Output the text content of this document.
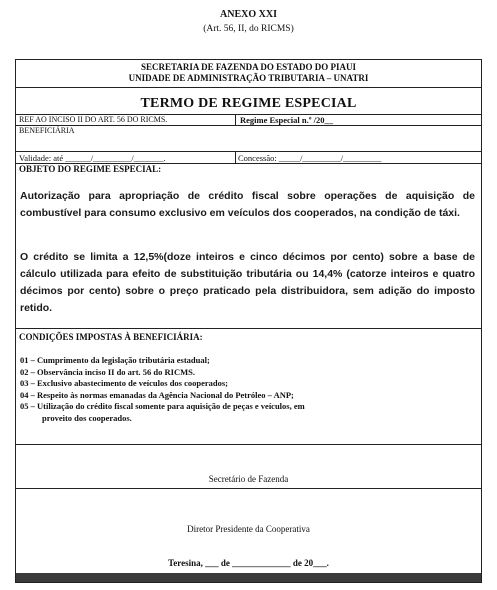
ANEXO XXI
(Art. 56, II, do RICMS)
SECRETARIA DE FAZENDA DO ESTADO DO PIAUI
UNIDADE DE ADMINISTRAÇÃO TRIBUTARIA – UNATRI
TERMO DE REGIME ESPECIAL
REF AO INCISO II DO ART. 56 DO RICMS.	Regime Especial n.º /20__
BENEFICIÁRIA
Validade: até ______/_________/_______.	Concessão: _____/_________/_________
OBJETO DO REGIME ESPECIAL:
Autorização para apropriação de crédito fiscal sobre operações de aquisição de combustível para consumo exclusivo em veículos dos cooperados, na condição de táxi.
O crédito se limita a 12,5%(doze inteiros e cinco décimos por cento) sobre a base de cálculo utilizada para efeito de substituição tributária ou 14,4% (catorze inteiros e quatro décimos por cento) sobre o preço praticado pela distribuidora, sem adição do imposto retido.
CONDIÇÕES IMPOSTAS À BENEFICIÁRIA:
01 – Cumprimento da legislação tributária estadual;
02 – Observância inciso II do art. 56 do RICMS.
03 – Exclusivo abastecimento de veículos dos cooperados;
04 – Respeito às normas emanadas da Agência Nacional do Petróleo – ANP;
05 – Utilização do crédito fiscal somente para aquisição de peças e veículos, em
proveito dos cooperados.
Secretário de Fazenda
Diretor Presidente da Cooperativa
Teresina, ___ de _____________ de 20___.
